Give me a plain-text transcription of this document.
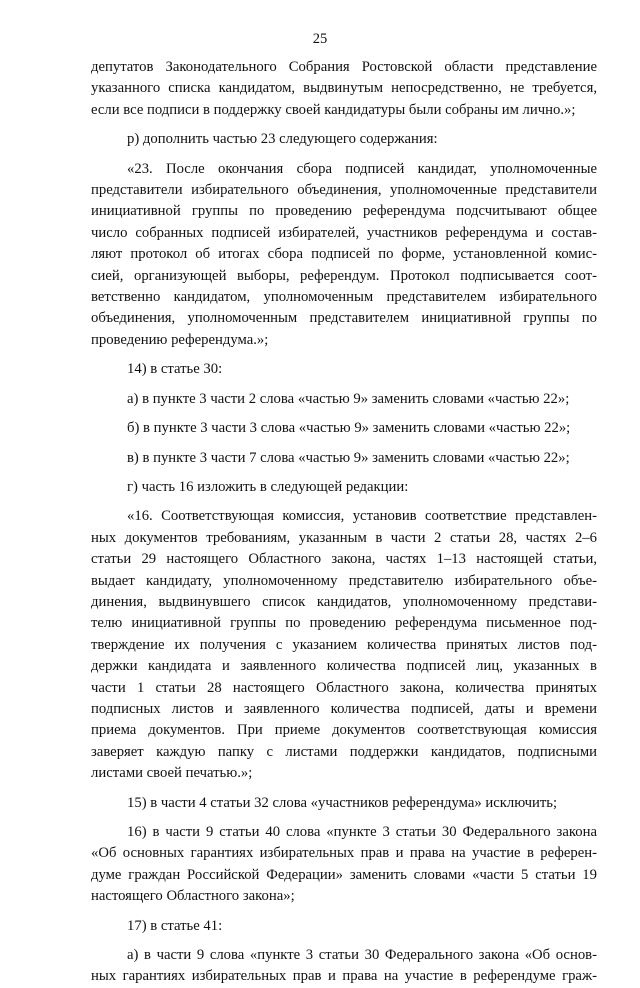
25
депутатов Законодательного Собрания Ростовской области представление
указанного списка кандидатом, выдвинутым непосредственно, не требуется,
если все подписи в поддержку своей кандидатуры были собраны им лично.»;
р) дополнить частью 23 следующего содержания:
«23. После окончания сбора подписей кандидат, уполномоченные
представители избирательного объединения, уполномоченные представители
инициативной группы по проведению референдума подсчитывают общее
число собранных подписей избирателей, участников референдума и состав-
ляют протокол об итогах сбора подписей по форме, установленной комис-
сией, организующей выборы, референдум. Протокол подписывается соот-
ветственно кандидатом, уполномоченным представителем избирательного
объединения, уполномоченным представителем инициативной группы по
проведению референдума.»;
14) в статье 30:
а) в пункте 3 части 2 слова «частью 9» заменить словами «частью 22»;
б) в пункте 3 части 3 слова «частью 9» заменить словами «частью 22»;
в) в пункте 3 части 7 слова «частью 9» заменить словами «частью 22»;
г) часть 16 изложить в следующей редакции:
«16. Соответствующая комиссия, установив соответствие представлен-
ных документов требованиям, указанным в части 2 статьи 28, частях 2–6
статьи 29 настоящего Областного закона, частях 1–13 настоящей статьи,
выдает кандидату, уполномоченному представителю избирательного объе-
динения, выдвинувшего список кандидатов, уполномоченному представи-
телю инициативной группы по проведению референдума письменное под-
тверждение их получения с указанием количества принятых листов под-
держки кандидата и заявленного количества подписей лиц, указанных в
части 1 статьи 28 настоящего Областного закона, количества принятых
подписных листов и заявленного количества подписей, даты и времени
приема документов. При приеме документов соответствующая комиссия
заверяет каждую папку с листами поддержки кандидатов, подписными
листами своей печатью.»;
15) в части 4 статьи 32 слова «участников референдума» исключить;
16) в части 9 статьи 40 слова «пункте 3 статьи 30 Федерального закона
«Об основных гарантиях избирательных прав и права на участие в референ-
думе граждан Российской Федерации» заменить словами «части 5 статьи 19
настоящего Областного закона»;
17) в статье 41:
а) в части 9 слова «пункте 3 статьи 30 Федерального закона «Об основ-
ных гарантиях избирательных прав и права на участие в референдуме граж-
